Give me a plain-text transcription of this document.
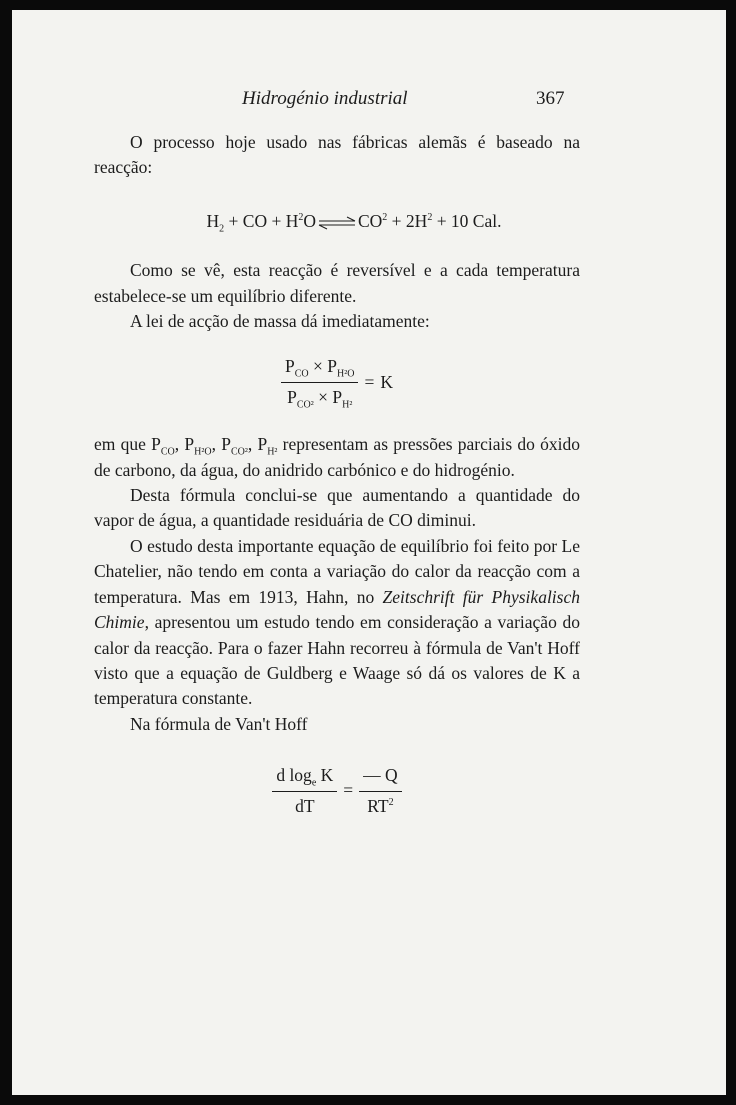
Hidrogénio industrial	367

O processo hoje usado nas fábricas alemãs é baseado na reacção:

$H_2$ + CO + $H^2O\rightleftharpoons CO^2 + 2H^2 + 10$ Cal.

Como se vê, esta reacção é reversível e a cada temperatura estabelece-se um equilíbrio diferente.

A lei de acção de massa dá imediatamente:

$\frac{P_{CO} \times P_{H^2O}}{P_{CO^2} \times P_{H^2}} = K$

em que $P_{CO}$, $P_{H^2O}$, $P_{CO^2}$, $P_{H^2}$ representam as pressões parciais do óxido de carbono, da água, do anidrido carbónico e do hidrogénio.

Desta fórmula conclui-se que aumentando a quantidade do vapor de água, a quantidade residuária de CO diminui.

O estudo desta importante equação de equilíbrio foi feito por Le Chatelier, não tendo em conta a variação do calor da reacção com a temperatura. Mas em 1913, Hahn, no Zeitschrift für Physikalisch Chimie, apresentou um estudo tendo em consideração a variação do calor da reacção. Para o fazer Hahn recorreu à fórmula de Van't Hoff visto que a equação de Guldberg e Waage só dá os valores de K a temperatura constante.

Na fórmula de Van't Hoff

$\frac{d \log_e K}{dT} = \frac{— Q}{RT^2}$
